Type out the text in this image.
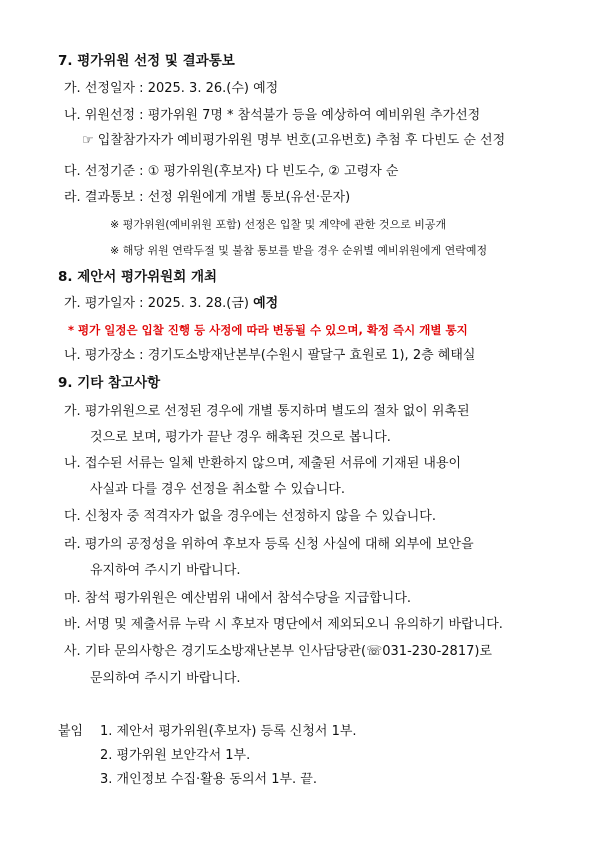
7. 평가위원 선정 및 결과통보
가. 선정일자 : 2025. 3. 26.(수) 예정
나. 위원선정 : 평가위원 7명 * 참석불가 등을 예상하여 예비위원 추가선정
☞ 입찰참가자가 예비평가위원 명부 번호(고유번호) 추첨 후 다빈도 순 선정
다. 선정기준 : ① 평가위원(후보자) 다 빈도수, ② 고령자 순
라. 결과통보 : 선정 위원에게 개별 통보(유선·문자)
※ 평가위원(예비위원 포함) 선정은 입찰 및 계약에 관한 것으로 비공개
※ 해당 위원 연락두절 및 불참 통보를 받을 경우 순위별 예비위원에게 연락예정
8. 제안서 평가위원회 개최
가. 평가일자 : 2025. 3. 28.(금) 예정
* 평가 일정은 입찰 진행 등 사정에 따라 변동될 수 있으며, 확정 즉시 개별 통지
나. 평가장소 : 경기도소방재난본부(수원시 팔달구 효원로 1), 2층 혜태실
9. 기타 참고사항
가. 평가위원으로 선정된 경우에 개별 통지하며 별도의 절차 없이 위촉된
것으로 보며, 평가가 끝난 경우 해촉된 것으로 봅니다.
나. 접수된 서류는 일체 반환하지 않으며, 제출된 서류에 기재된 내용이
사실과 다를 경우 선정을 취소할 수 있습니다.
다. 신청자 중 적격자가 없을 경우에는 선정하지 않을 수 있습니다.
라. 평가의 공정성을 위하여 후보자 등록 신청 사실에 대해 외부에 보안을
유지하여 주시기 바랍니다.
마. 참석 평가위원은 예산범위 내에서 참석수당을 지급합니다.
바. 서명 및 제출서류 누락 시 후보자 명단에서 제외되오니 유의하기 바랍니다.
사. 기타 문의사항은 경기도소방재난본부 인사담당관(☏031-230-2817)로
문의하여 주시기 바랍니다.
붙임 1. 제안서 평가위원(후보자) 등록 신청서 1부.
2. 평가위원 보안각서 1부.
3. 개인정보 수집·활용 동의서 1부. 끝.
